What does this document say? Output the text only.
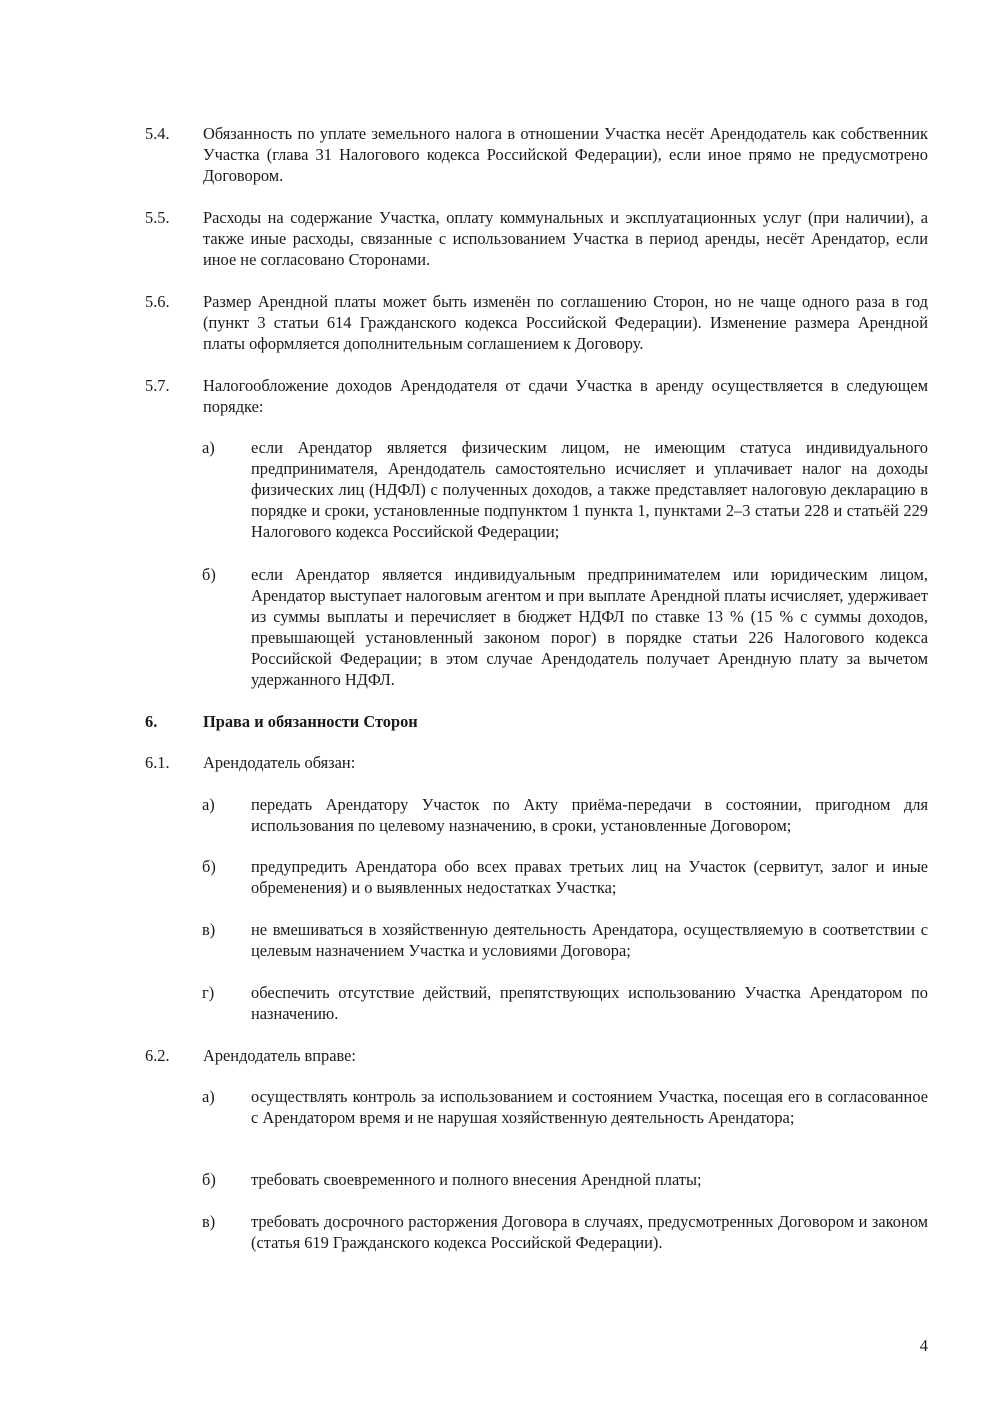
5.4. Обязанность по уплате земельного налога в отношении Участка несёт Арендодатель как собственник Участка (глава 31 Налогового кодекса Российской Федерации), если иное прямо не предусмотрено Договором.
5.5. Расходы на содержание Участка, оплату коммунальных и эксплуатационных услуг (при наличии), а также иные расходы, связанные с использованием Участка в период аренды, несёт Арендатор, если иное не согласовано Сторонами.
5.6. Размер Арендной платы может быть изменён по соглашению Сторон, но не чаще одного раза в год (пункт 3 статьи 614 Гражданского кодекса Российской Федерации). Изменение размера Арендной платы оформляется дополнительным соглашением к Договору.
5.7. Налогообложение доходов Арендодателя от сдачи Участка в аренду осуществляется в следующем порядке:
а) если Арендатор является физическим лицом, не имеющим статуса индивидуального предпринимателя, Арендодатель самостоятельно исчисляет и уплачивает налог на доходы физических лиц (НДФЛ) с полученных доходов, а также представляет налоговую декларацию в порядке и сроки, установленные подпунктом 1 пункта 1, пунктами 2–3 статьи 228 и статьёй 229 Налогового кодекса Российской Федерации;
б) если Арендатор является индивидуальным предпринимателем или юридическим лицом, Арендатор выступает налоговым агентом и при выплате Арендной платы исчисляет, удерживает из суммы выплаты и перечисляет в бюджет НДФЛ по ставке 13 % (15 % с суммы доходов, превышающей установленный законом порог) в порядке статьи 226 Налогового кодекса Российской Федерации; в этом случае Арендодатель получает Арендную плату за вычетом удержанного НДФЛ.
6.	Права и обязанности Сторон
6.1. Арендодатель обязан:
а) передать Арендатору Участок по Акту приёма-передачи в состоянии, пригодном для использования по целевому назначению, в сроки, установленные Договором;
б) предупредить Арендатора обо всех правах третьих лиц на Участок (сервитут, залог и иные обременения) и о выявленных недостатках Участка;
в) не вмешиваться в хозяйственную деятельность Арендатора, осуществляемую в соответствии с целевым назначением Участка и условиями Договора;
г) обеспечить отсутствие действий, препятствующих использованию Участка Арендатором по назначению.
6.2. Арендодатель вправе:
а) осуществлять контроль за использованием и состоянием Участка, посещая его в согласованное с Арендатором время и не нарушая хозяйственную деятельность Арендатора;
б) требовать своевременного и полного внесения Арендной платы;
в) требовать досрочного расторжения Договора в случаях, предусмотренных Договором и законом (статья 619 Гражданского кодекса Российской Федерации).
4
